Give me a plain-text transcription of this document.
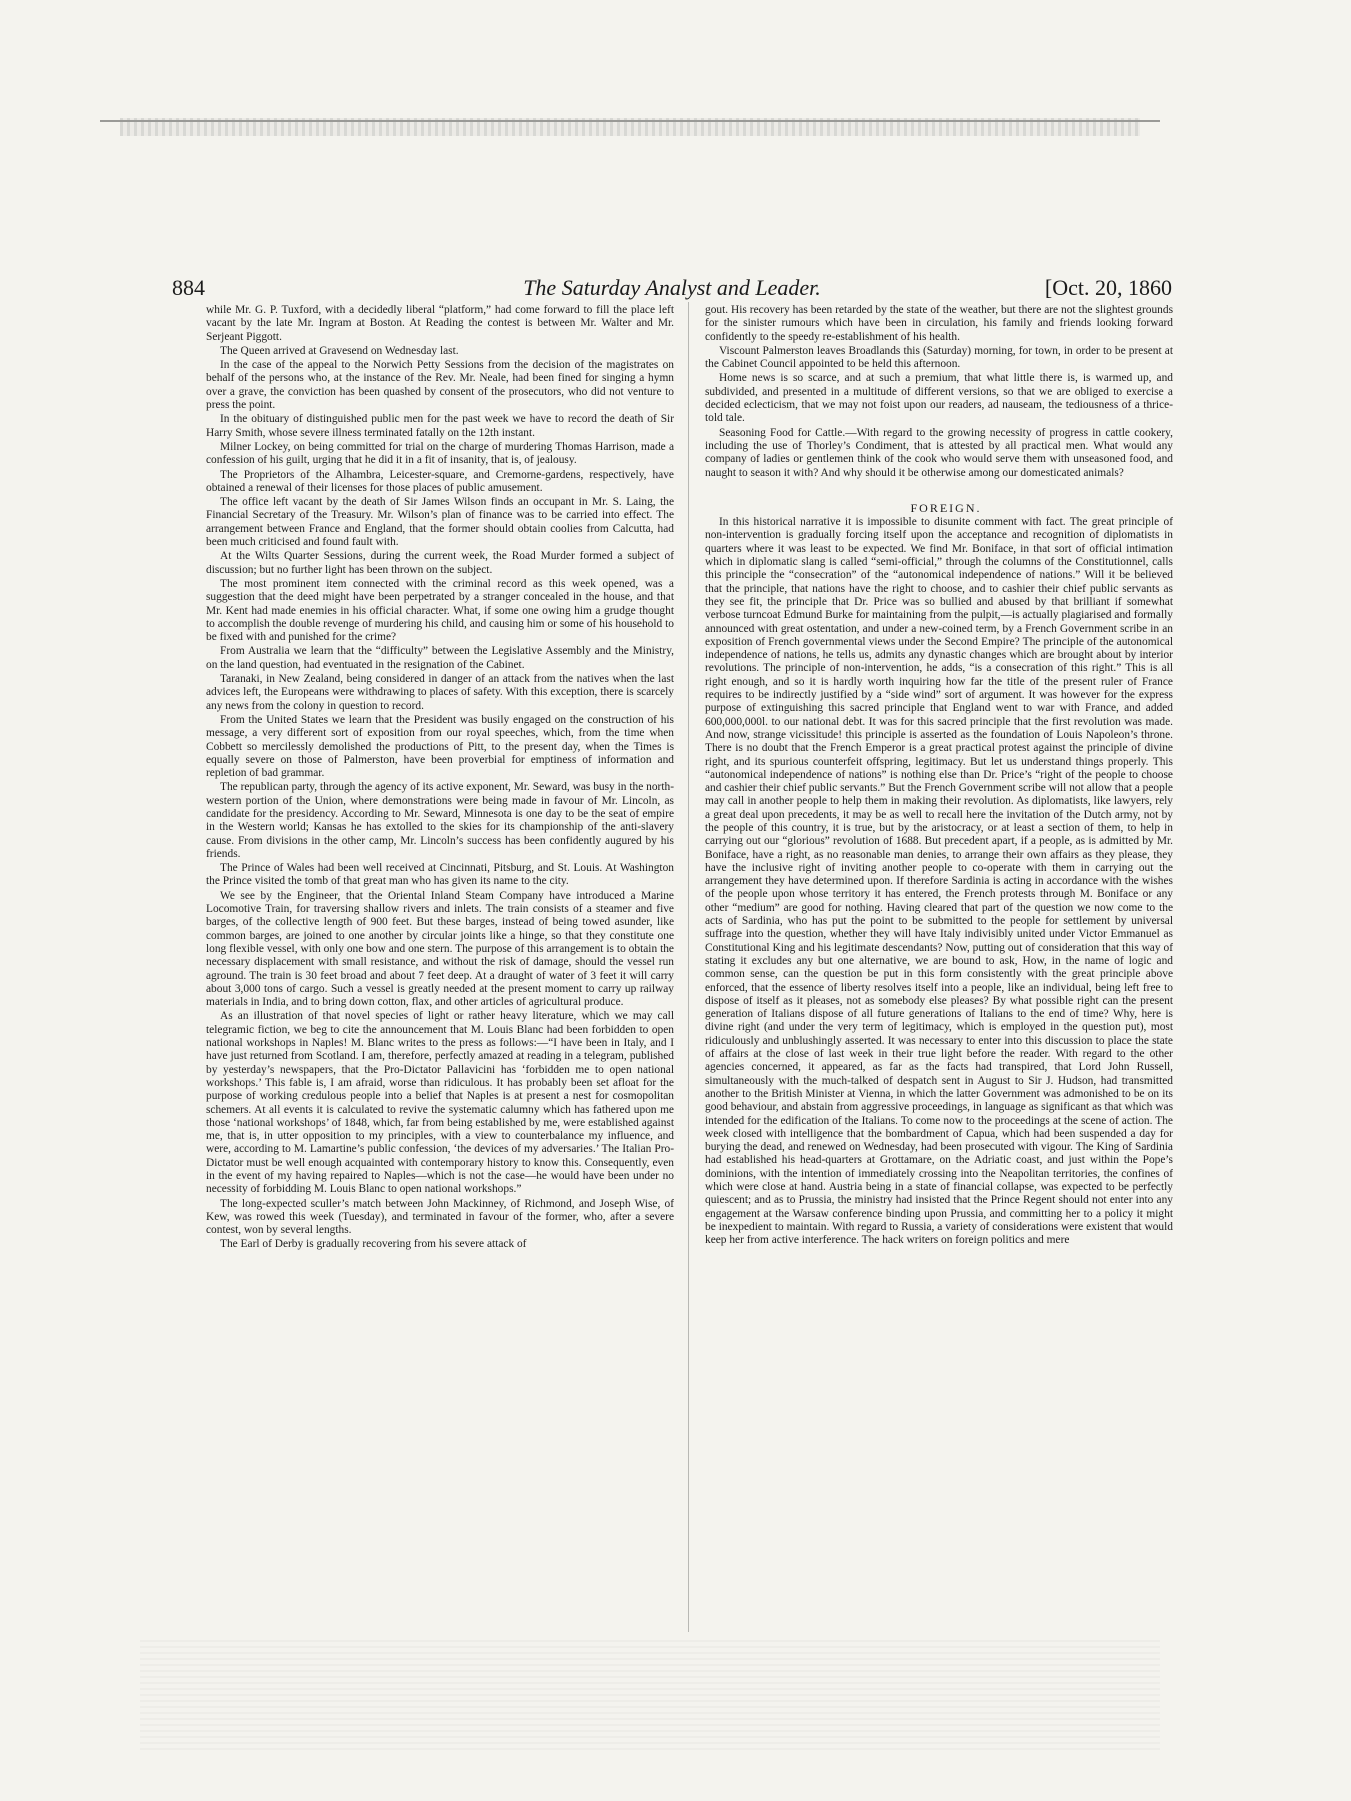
884	The Saturday Analyst and Leader.	[Oct. 20, 1860

while Mr. G. P. Tuxford, with a decidedly liberal “platform,” had come forward to fill the place left vacant by the late Mr. Ingram at Boston. At Reading the contest is between Mr. Walter and Mr. Serjeant Piggott.

The Queen arrived at Gravesend on Wednesday last.

In the case of the appeal to the Norwich Petty Sessions from the decision of the magistrates on behalf of the persons who, at the instance of the Rev. Mr. Neale, had been fined for singing a hymn over a grave, the conviction has been quashed by consent of the prosecutors, who did not venture to press the point.

In the obituary of distinguished public men for the past week we have to record the death of Sir Harry Smith, whose severe illness terminated fatally on the 12th instant.

Milner Lockey, on being committed for trial on the charge of murdering Thomas Harrison, made a confession of his guilt, urging that he did it in a fit of insanity, that is, of jealousy.

The Proprietors of the Alhambra, Leicester-square, and Cremorne-gardens, respectively, have obtained a renewal of their licenses for those places of public amusement.

The office left vacant by the death of Sir James Wilson finds an occupant in Mr. S. Laing, the Financial Secretary of the Treasury. Mr. Wilson’s plan of finance was to be carried into effect. The arrangement between France and England, that the former should obtain coolies from Calcutta, had been much criticised and found fault with.

At the Wilts Quarter Sessions, during the current week, the Road Murder formed a subject of discussion; but no further light has been thrown on the subject.

The most prominent item connected with the criminal record as this week opened, was a suggestion that the deed might have been perpetrated by a stranger concealed in the house, and that Mr. Kent had made enemies in his official character. What, if some one owing him a grudge thought to accomplish the double revenge of murdering his child, and causing him or some of his household to be fixed with and punished for the crime?

From Australia we learn that the “difficulty” between the Legislative Assembly and the Ministry, on the land question, had eventuated in the resignation of the Cabinet.

Taranaki, in New Zealand, being considered in danger of an attack from the natives when the last advices left, the Europeans were withdrawing to places of safety. With this exception, there is scarcely any news from the colony in question to record.

From the United States we learn that the President was busily engaged on the construction of his message, a very different sort of exposition from our royal speeches, which, from the time when Cobbett so mercilessly demolished the productions of Pitt, to the present day, when the Times is equally severe on those of Palmerston, have been proverbial for emptiness of information and repletion of bad grammar.

The republican party, through the agency of its active exponent, Mr. Seward, was busy in the north-western portion of the Union, where demonstrations were being made in favour of Mr. Lincoln, as candidate for the presidency. According to Mr. Seward, Minnesota is one day to be the seat of empire in the Western world; Kansas he has extolled to the skies for its championship of the anti-slavery cause. From divisions in the other camp, Mr. Lincoln’s success has been confidently augured by his friends.

The Prince of Wales had been well received at Cincinnati, Pitsburg, and St. Louis. At Washington the Prince visited the tomb of that great man who has given its name to the city.

We see by the Engineer, that the Oriental Inland Steam Company have introduced a Marine Locomotive Train, for traversing shallow rivers and inlets. The train consists of a steamer and five barges, of the collective length of 900 feet. But these barges, instead of being towed asunder, like common barges, are joined to one another by circular joints like a hinge, so that they constitute one long flexible vessel, with only one bow and one stern. The purpose of this arrangement is to obtain the necessary displacement with small resistance, and without the risk of damage, should the vessel run aground. The train is 30 feet broad and about 7 feet deep. At a draught of water of 3 feet it will carry about 3,000 tons of cargo. Such a vessel is greatly needed at the present moment to carry up railway materials in India, and to bring down cotton, flax, and other articles of agricultural produce.

As an illustration of that novel species of light or rather heavy literature, which we may call telegramic fiction, we beg to cite the announcement that M. Louis Blanc had been forbidden to open national workshops in Naples! M. Blanc writes to the press as follows:—“I have been in Italy, and I have just returned from Scotland. I am, therefore, perfectly amazed at reading in a telegram, published by yesterday’s newspapers, that the Pro-Dictator Pallavicini has ‘forbidden me to open national workshops.’ This fable is, I am afraid, worse than ridiculous. It has probably been set afloat for the purpose of working credulous people into a belief that Naples is at present a nest for cosmopolitan schemers. At all events it is calculated to revive the systematic calumny which has fathered upon me those ‘national workshops’ of 1848, which, far from being established by me, were established against me, that is, in utter opposition to my principles, with a view to counterbalance my influence, and were, according to M. Lamartine’s public confession, ‘the devices of my adversaries.’ The Italian Pro-Dictator must be well enough acquainted with contemporary history to know this. Consequently, even in the event of my having repaired to Naples—which is not the case—he would have been under no necessity of forbidding M. Louis Blanc to open national workshops.”

The long-expected sculler’s match between John Mackinney, of Richmond, and Joseph Wise, of Kew, was rowed this week (Tuesday), and terminated in favour of the former, who, after a severe contest, won by several lengths.

The Earl of Derby is gradually recovering from his severe attack of

gout. His recovery has been retarded by the state of the weather, but there are not the slightest grounds for the sinister rumours which have been in circulation, his family and friends looking forward confidently to the speedy re-establishment of his health.

Viscount Palmerston leaves Broadlands this (Saturday) morning, for town, in order to be present at the Cabinet Council appointed to be held this afternoon.

Home news is so scarce, and at such a premium, that what little there is, is warmed up, and subdivided, and presented in a multitude of different versions, so that we are obliged to exercise a decided eclecticism, that we may not foist upon our readers, ad nauseam, the tediousness of a thrice-told tale.

Seasoning Food for Cattle.—With regard to the growing necessity of progress in cattle cookery, including the use of Thorley’s Condiment, that is attested by all practical men. What would any company of ladies or gentlemen think of the cook who would serve them with unseasoned food, and naught to season it with? And why should it be otherwise among our domesticated animals?

FOREIGN.

In this historical narrative it is impossible to disunite comment with fact. The great principle of non-intervention is gradually forcing itself upon the acceptance and recognition of diplomatists in quarters where it was least to be expected. We find Mr. Boniface, in that sort of official intimation which in diplomatic slang is called “semi-official,” through the columns of the Constitutionnel, calls this principle the “consecration” of the “autonomical independence of nations.” Will it be believed that the principle, that nations have the right to choose, and to cashier their chief public servants as they see fit, the principle that Dr. Price was so bullied and abused by that brilliant if somewhat verbose turncoat Edmund Burke for maintaining from the pulpit,—is actually plagiarised and formally announced with great ostentation, and under a new-coined term, by a French Government scribe in an exposition of French governmental views under the Second Empire? The principle of the autonomical independence of nations, he tells us, admits any dynastic changes which are brought about by interior revolutions. The principle of non-intervention, he adds, “is a consecration of this right.” This is all right enough, and so it is hardly worth inquiring how far the title of the present ruler of France requires to be indirectly justified by a “side wind” sort of argument. It was however for the express purpose of extinguishing this sacred principle that England went to war with France, and added 600,000,000l. to our national debt. It was for this sacred principle that the first revolution was made. And now, strange vicissitude! this principle is asserted as the foundation of Louis Napoleon’s throne. There is no doubt that the French Emperor is a great practical protest against the principle of divine right, and its spurious counterfeit offspring, legitimacy. But let us understand things properly. This “autonomical independence of nations” is nothing else than Dr. Price’s “right of the people to choose and cashier their chief public servants.” But the French Government scribe will not allow that a people may call in another people to help them in making their revolution. As diplomatists, like lawyers, rely a great deal upon precedents, it may be as well to recall here the invitation of the Dutch army, not by the people of this country, it is true, but by the aristocracy, or at least a section of them, to help in carrying out our “glorious” revolution of 1688. But precedent apart, if a people, as is admitted by Mr. Boniface, have a right, as no reasonable man denies, to arrange their own affairs as they please, they have the inclusive right of inviting another people to co-operate with them in carrying out the arrangement they have determined upon. If therefore Sardinia is acting in accordance with the wishes of the people upon whose territory it has entered, the French protests through M. Boniface or any other “medium” are good for nothing. Having cleared that part of the question we now come to the acts of Sardinia, who has put the point to be submitted to the people for settlement by universal suffrage into the question, whether they will have Italy indivisibly united under Victor Emmanuel as Constitutional King and his legitimate descendants? Now, putting out of consideration that this way of stating it excludes any but one alternative, we are bound to ask, How, in the name of logic and common sense, can the question be put in this form consistently with the great principle above enforced, that the essence of liberty resolves itself into a people, like an individual, being left free to dispose of itself as it pleases, not as somebody else pleases? By what possible right can the present generation of Italians dispose of all future generations of Italians to the end of time? Why, here is divine right (and under the very term of legitimacy, which is employed in the question put), most ridiculously and unblushingly asserted. It was necessary to enter into this discussion to place the state of affairs at the close of last week in their true light before the reader. With regard to the other agencies concerned, it appeared, as far as the facts had transpired, that Lord John Russell, simultaneously with the much-talked of despatch sent in August to Sir J. Hudson, had transmitted another to the British Minister at Vienna, in which the latter Government was admonished to be on its good behaviour, and abstain from aggressive proceedings, in language as significant as that which was intended for the edification of the Italians. To come now to the proceedings at the scene of action. The week closed with intelligence that the bombardment of Capua, which had been suspended a day for burying the dead, and renewed on Wednesday, had been prosecuted with vigour. The King of Sardinia had established his head-quarters at Grottamare, on the Adriatic coast, and just within the Pope’s dominions, with the intention of immediately crossing into the Neapolitan territories, the confines of which were close at hand. Austria being in a state of financial collapse, was expected to be perfectly quiescent; and as to Prussia, the ministry had insisted that the Prince Regent should not enter into any engagement at the Warsaw conference binding upon Prussia, and committing her to a policy it might be inexpedient to maintain. With regard to Russia, a variety of considerations were existent that would keep her from active interference. The hack writers on foreign politics and mere
